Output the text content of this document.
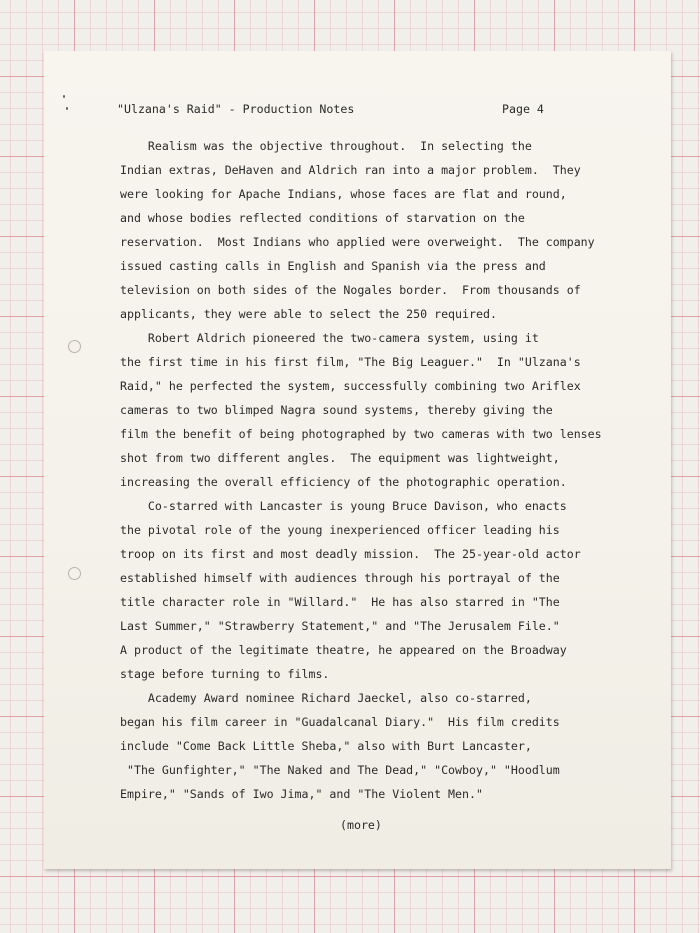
"Ulzana's Raid" - Production Notes	Page 4

Realism was the objective throughout.  In selecting the

Indian extras, DeHaven and Aldrich ran into a major problem.  They

were looking for Apache Indians, whose faces are flat and round,

and whose bodies reflected conditions of starvation on the

reservation.  Most Indians who applied were overweight.  The company

issued casting calls in English and Spanish via the press and

television on both sides of the Nogales border.  From thousands of

applicants, they were able to select the 250 required.

Robert Aldrich pioneered the two-camera system, using it

the first time in his first film, "The Big Leaguer."  In "Ulzana's

Raid," he perfected the system, successfully combining two Ariflex

cameras to two blimped Nagra sound systems, thereby giving the

film the benefit of being photographed by two cameras with two lenses

shot from two different angles.  The equipment was lightweight,

increasing the overall efficiency of the photographic operation.

Co-starred with Lancaster is young Bruce Davison, who enacts

the pivotal role of the young inexperienced officer leading his

troop on its first and most deadly mission.  The 25-year-old actor

established himself with audiences through his portrayal of the

title character role in "Willard."  He has also starred in "The

Last Summer," "Strawberry Statement," and "The Jerusalem File."

A product of the legitimate theatre, he appeared on the Broadway

stage before turning to films.

Academy Award nominee Richard Jaeckel, also co-starred,

began his film career in "Guadalcanal Diary."  His film credits

include "Come Back Little Sheba," also with Burt Lancaster,

"The Gunfighter," "The Naked and The Dead," "Cowboy," "Hoodlum

Empire," "Sands of Iwo Jima," and "The Violent Men."

(more)
